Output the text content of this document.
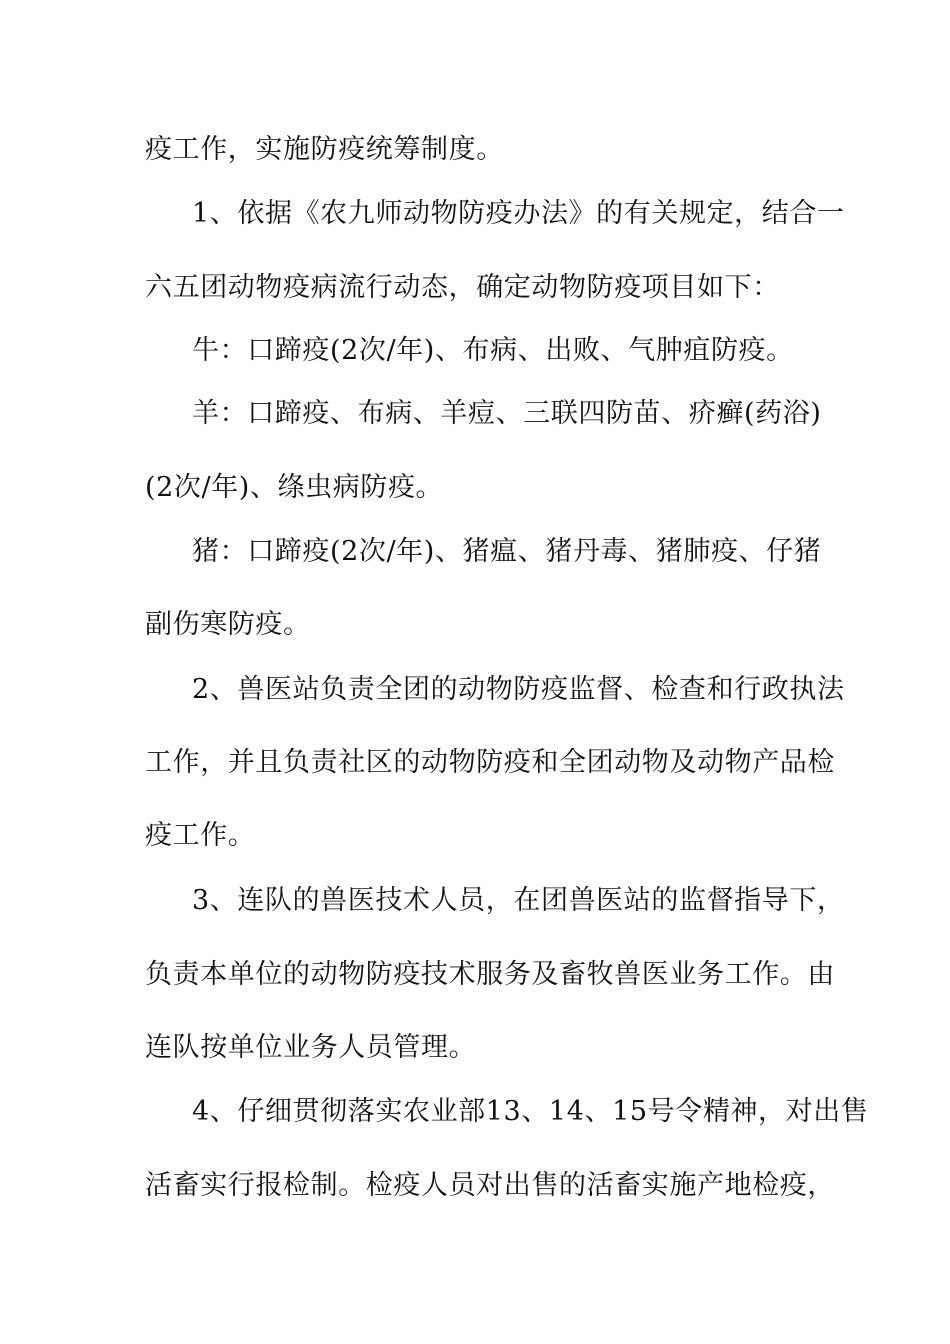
疫工作，实施防疫统筹制度。
1、依据《农九师动物防疫办法》的有关规定，结合一
六五团动物疫病流行动态，确定动物防疫项目如下：
牛：口蹄疫(2次/年)、布病、出败、气肿疽防疫。
羊：口蹄疫、布病、羊痘、三联四防苗、疥癣(药浴)
(2次/年)、绦虫病防疫。
猪：口蹄疫(2次/年)、猪瘟、猪丹毒、猪肺疫、仔猪
副伤寒防疫。
2、兽医站负责全团的动物防疫监督、检查和行政执法
工作，并且负责社区的动物防疫和全团动物及动物产品检
疫工作。
3、连队的兽医技术人员，在团兽医站的监督指导下，
负责本单位的动物防疫技术服务及畜牧兽医业务工作。由
连队按单位业务人员管理。
4、仔细贯彻落实农业部13、14、15号令精神，对出售
活畜实行报检制。检疫人员对出售的活畜实施产地检疫，
